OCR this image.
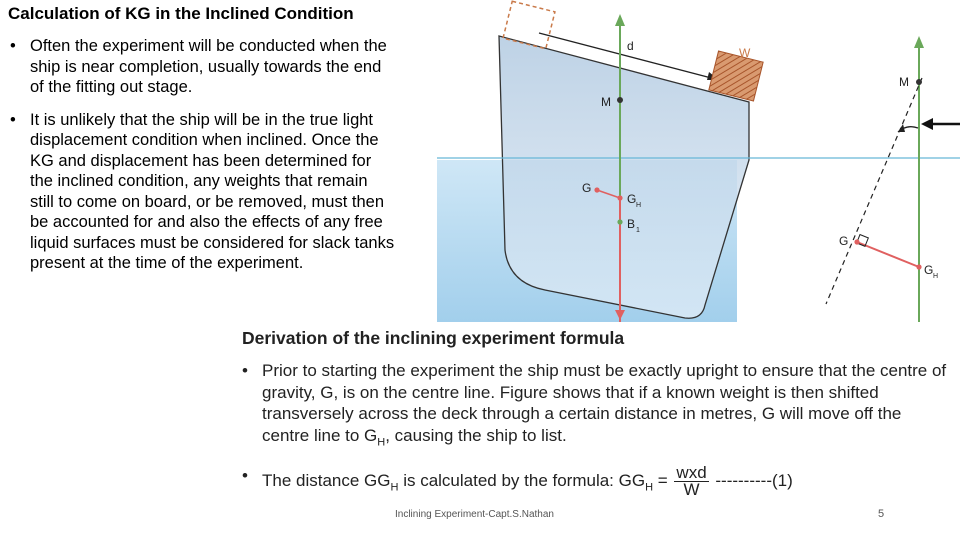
Calculation of KG in the Inclined Condition
• Often the experiment will be conducted when the ship is near completion, usually towards the end of the fitting out stage.
• It is unlikely that the ship will be in the true light displacement condition when inclined. Once the KG and displacement has been determined for the inclined condition, any weights that remain still to come on board, or be removed, must then be accounted for and also the effects of any free liquid surfaces must be considered for slack tanks present at the time of the experiment.
d	W
M
G
G H
B 1
M
G
G H
Derivation of the inclining experiment formula
• Prior to starting the experiment the ship must be exactly upright to ensure that the centre of gravity, G, is on the centre line. Figure shows that if a known weight is then shifted transversely across the deck through a certain distance in metres, G will move off the centre line to $G_H$, causing the ship to list.
• The distance $GG_H$ is calculated by the formula: $GG_H = \frac{\text{wxd}}{W} ----------(1)$
Inclining Experiment-Capt.S.Nathan	5
